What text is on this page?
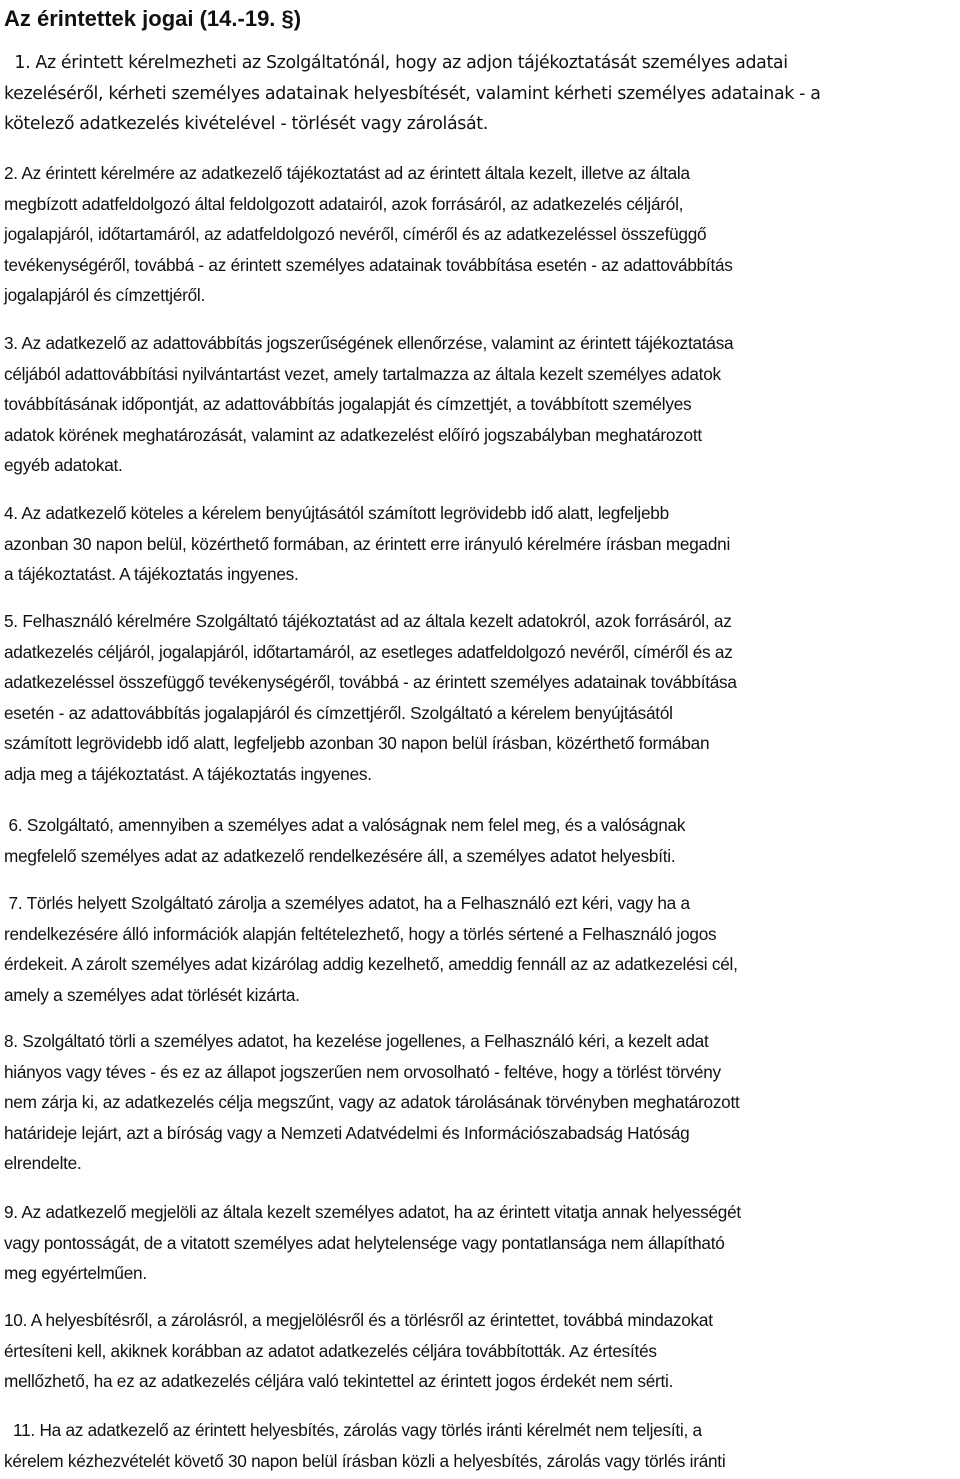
Az érintettek jogai (14.-19. §)
1. Az érintett kérelmezheti az Szolgáltatónál, hogy az adjon tájékoztatását személyes adatai
kezeléséről, kérheti személyes adatainak helyesbítését, valamint kérheti személyes adatainak - a
kötelező adatkezelés kivételével - törlését vagy zárolását.
2. Az érintett kérelmére az adatkezelő tájékoztatást ad az érintett általa kezelt, illetve az általa
megbízott adatfeldolgozó által feldolgozott adatairól, azok forrásáról, az adatkezelés céljáról,
jogalapjáról, időtartamáról, az adatfeldolgozó nevéről, címéről és az adatkezeléssel összefüggő
tevékenységéről, továbbá - az érintett személyes adatainak továbbítása esetén - az adattovábbítás
jogalapjáról és címzettjéről.
3. Az adatkezelő az adattovábbítás jogszerűségének ellenőrzése, valamint az érintett tájékoztatása
céljából adattovábbítási nyilvántartást vezet, amely tartalmazza az általa kezelt személyes adatok
továbbításának időpontját, az adattovábbítás jogalapját és címzettjét, a továbbított személyes
adatok körének meghatározását, valamint az adatkezelést előíró jogszabályban meghatározott
egyéb adatokat.
4. Az adatkezelő köteles a kérelem benyújtásától számított legrövidebb idő alatt, legfeljebb
azonban 30 napon belül, közérthető formában, az érintett erre irányuló kérelmére írásban megadni
a tájékoztatást. A tájékoztatás ingyenes.
5. Felhasználó kérelmére Szolgáltató tájékoztatást ad az általa kezelt adatokról, azok forrásáról, az
adatkezelés céljáról, jogalapjáról, időtartamáról, az esetleges adatfeldolgozó nevéről, címéről és az
adatkezeléssel összefüggő tevékenységéről, továbbá - az érintett személyes adatainak továbbítása
esetén - az adattovábbítás jogalapjáról és címzettjéről. Szolgáltató a kérelem benyújtásától
számított legrövidebb idő alatt, legfeljebb azonban 30 napon belül írásban, közérthető formában
adja meg a tájékoztatást. A tájékoztatás ingyenes.
6. Szolgáltató, amennyiben a személyes adat a valóságnak nem felel meg, és a valóságnak
megfelelő személyes adat az adatkezelő rendelkezésére áll, a személyes adatot helyesbíti.
7. Törlés helyett Szolgáltató zárolja a személyes adatot, ha a Felhasználó ezt kéri, vagy ha a
rendelkezésére álló információk alapján feltételezhető, hogy a törlés sértené a Felhasználó jogos
érdekeit. A zárolt személyes adat kizárólag addig kezelhető, ameddig fennáll az az adatkezelési cél,
amely a személyes adat törlését kizárta.
8. Szolgáltató törli a személyes adatot, ha kezelése jogellenes, a Felhasználó kéri, a kezelt adat
hiányos vagy téves - és ez az állapot jogszerűen nem orvosolható - feltéve, hogy a törlést törvény
nem zárja ki, az adatkezelés célja megszűnt, vagy az adatok tárolásának törvényben meghatározott
határideje lejárt, azt a bíróság vagy a Nemzeti Adatvédelmi és Információszabadság Hatóság
elrendelte.
9. Az adatkezelő megjelöli az általa kezelt személyes adatot, ha az érintett vitatja annak helyességét
vagy pontosságát, de a vitatott személyes adat helytelensége vagy pontatlansága nem állapítható
meg egyértelműen.
10. A helyesbítésről, a zárolásról, a megjelölésről és a törlésről az érintettet, továbbá mindazokat
értesíteni kell, akiknek korábban az adatot adatkezelés céljára továbbították. Az értesítés
mellőzhető, ha ez az adatkezelés céljára való tekintettel az érintett jogos érdekét nem sérti.
11. Ha az adatkezelő az érintett helyesbítés, zárolás vagy törlés iránti kérelmét nem teljesíti, a
kérelem kézhezvételét követő 30 napon belül írásban közli a helyesbítés, zárolás vagy törlés iránti
